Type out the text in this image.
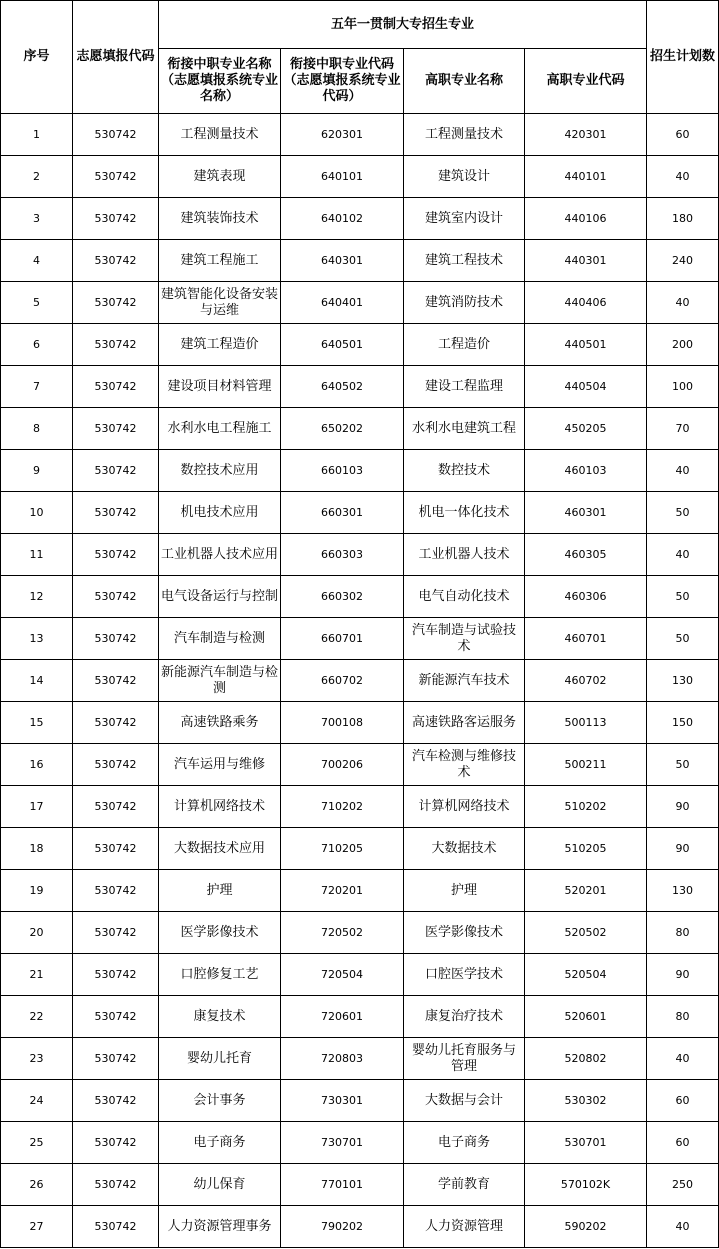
序号	志愿填报代码	五年一贯制大专招生专业				招生计划数
		衔接中职专业名称（志愿填报系统专业名称）	衔接中职专业代码（志愿填报系统专业代码）	高职专业名称	高职专业代码	
1	530742	工程测量技术	620301	工程测量技术	420301	60
2	530742	建筑表现	640101	建筑设计	440101	40
3	530742	建筑装饰技术	640102	建筑室内设计	440106	180
4	530742	建筑工程施工	640301	建筑工程技术	440301	240
5	530742	建筑智能化设备安装与运维	640401	建筑消防技术	440406	40
6	530742	建筑工程造价	640501	工程造价	440501	200
7	530742	建设项目材料管理	640502	建设工程监理	440504	100
8	530742	水利水电工程施工	650202	水利水电建筑工程	450205	70
9	530742	数控技术应用	660103	数控技术	460103	40
10	530742	机电技术应用	660301	机电一体化技术	460301	50
11	530742	工业机器人技术应用	660303	工业机器人技术	460305	40
12	530742	电气设备运行与控制	660302	电气自动化技术	460306	50
13	530742	汽车制造与检测	660701	汽车制造与试验技术	460701	50
14	530742	新能源汽车制造与检测	660702	新能源汽车技术	460702	130
15	530742	高速铁路乘务	700108	高速铁路客运服务	500113	150
16	530742	汽车运用与维修	700206	汽车检测与维修技术	500211	50
17	530742	计算机网络技术	710202	计算机网络技术	510202	90
18	530742	大数据技术应用	710205	大数据技术	510205	90
19	530742	护理	720201	护理	520201	130
20	530742	医学影像技术	720502	医学影像技术	520502	80
21	530742	口腔修复工艺	720504	口腔医学技术	520504	90
22	530742	康复技术	720601	康复治疗技术	520601	80
23	530742	婴幼儿托育	720803	婴幼儿托育服务与管理	520802	40
24	530742	会计事务	730301	大数据与会计	530302	60
25	530742	电子商务	730701	电子商务	530701	60
26	530742	幼儿保育	770101	学前教育	570102K	250
27	530742	人力资源管理事务	790202	人力资源管理	590202	40
